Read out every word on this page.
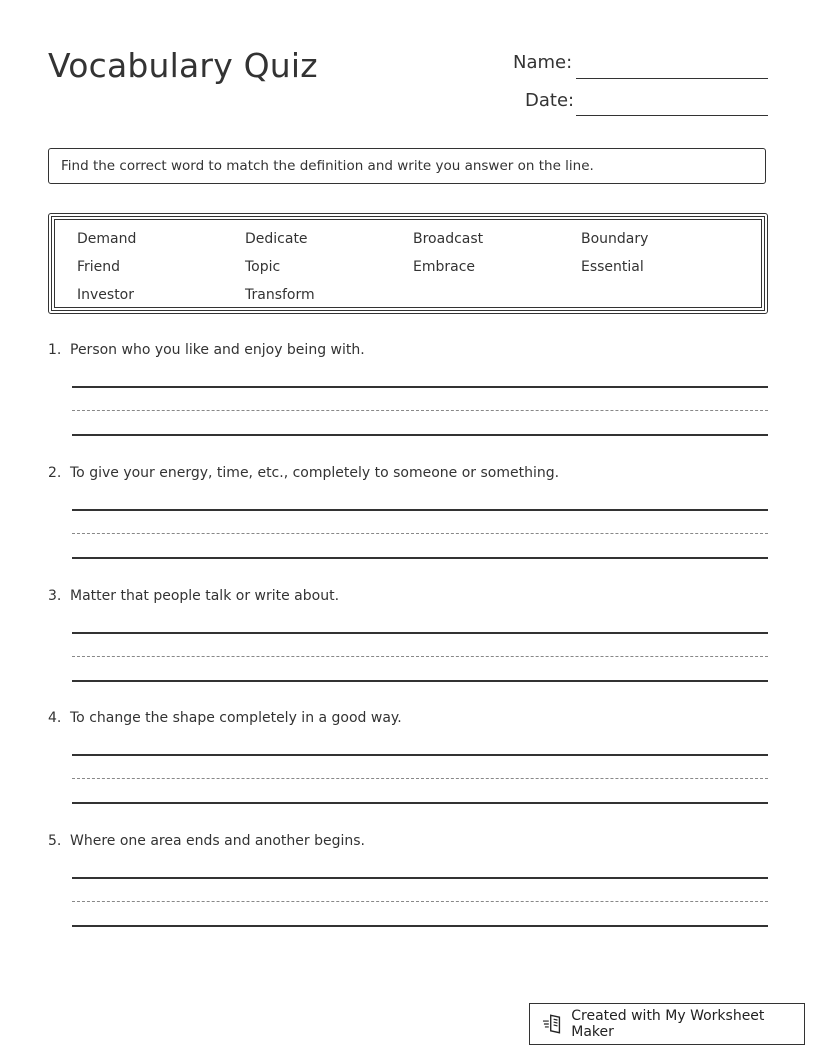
Vocabulary Quiz	Name:
Date:
Find the correct word to match the definition and write you answer on the line.
Demand	Dedicate	Broadcast	Boundary
Friend	Topic	Embrace	Essential
Investor	Transform
1. Person who you like and enjoy being with.
2. To give your energy, time, etc., completely to someone or something.
3. Matter that people talk or write about.
4. To change the shape completely in a good way.
5. Where one area ends and another begins.
Created with My Worksheet Maker
